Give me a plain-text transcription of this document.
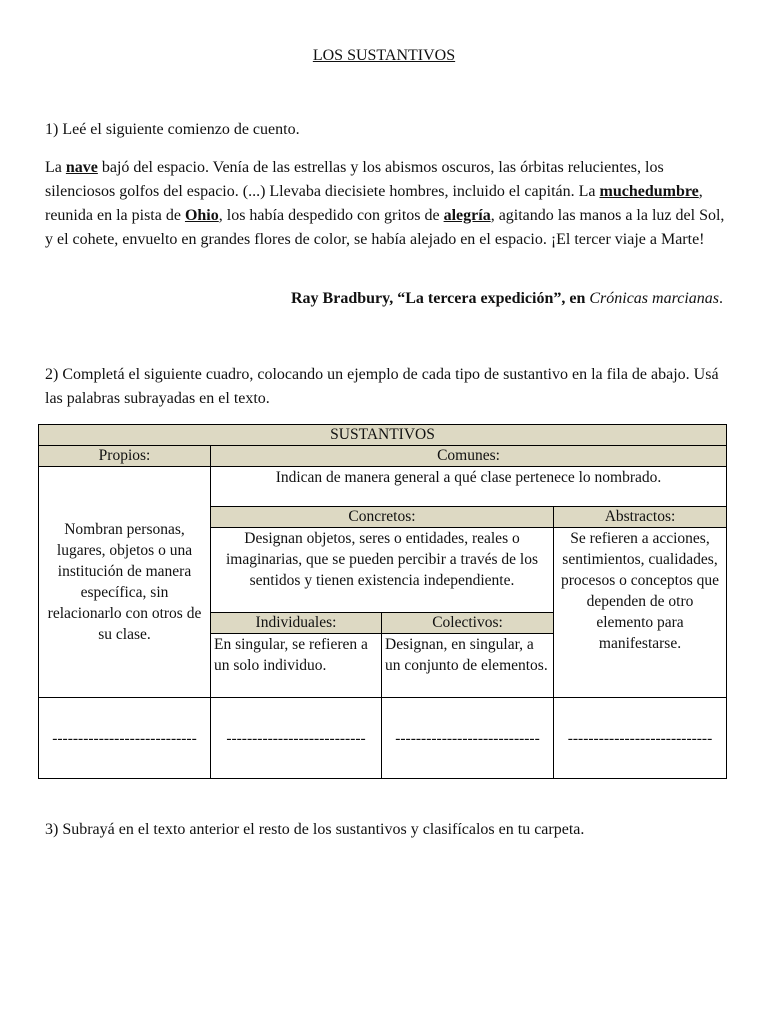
LOS SUSTANTIVOS
1) Leé el siguiente comienzo de cuento.
La nave bajó del espacio. Venía de las estrellas y los abismos oscuros, las órbitas relucientes, los silenciosos golfos del espacio. (...) Llevaba diecisiete hombres, incluido el capitán. La muchedumbre, reunida en la pista de Ohio, los había despedido con gritos de alegría, agitando las manos a la luz del Sol, y el cohete, envuelto en grandes flores de color, se había alejado en el espacio. ¡El tercer viaje a Marte!
Ray Bradbury, “La tercera expedición”, en Crónicas marcianas.
2) Completá el siguiente cuadro, colocando un ejemplo de cada tipo de sustantivo en la fila de abajo. Usá las palabras subrayadas en el texto.
SUSTANTIVOS			
Propios:	Comunes:		
Nombran personas, lugares, objetos o una institución de manera específica, sin relacionarlo con otros de su clase.	Indican de manera general a qué clase pertenece lo nombrado.		
	Concretos:		Abstractos:
	Designan objetos, seres o entidades, reales o imaginarias, que se pueden percibir a través de los sentidos y tienen existencia independiente.		Se refieren a acciones, sentimientos, cualidades, procesos o conceptos que dependen de otro elemento para manifestarse.
	Individuales:	Colectivos:	
	En singular, se refieren a un solo individuo.	Designan, en singular, a un conjunto de elementos.	
----------------------------	---------------------------	----------------------------	----------------------------
3) Subrayá en el texto anterior el resto de los sustantivos y clasifícalos en tu carpeta.
